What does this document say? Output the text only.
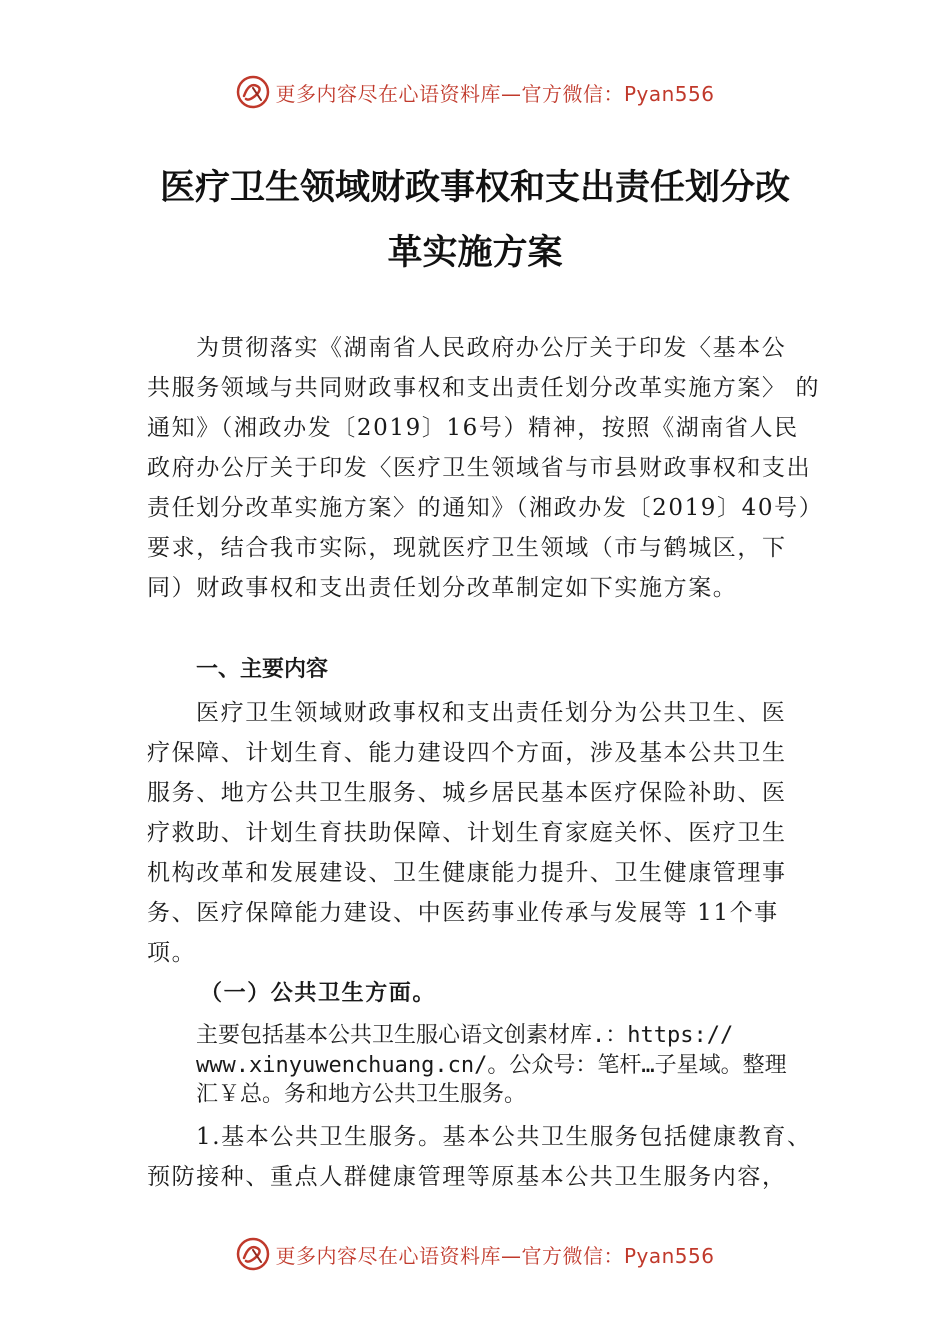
更多内容尽在心语资料库—官方微信：Pyan556
医疗卫生领域财政事权和支出责任划分改
革实施方案
为贯彻落实《湖南省人民政府办公厅关于印发〈基本公
共服务领域与共同财政事权和支出责任划分改革实施方案〉 的
通知》（湘政办发〔2019〕16号）精神，按照《湖南省人民
政府办公厅关于印发〈医疗卫生领域省与市县财政事权和支出
责任划分改革实施方案〉的通知》（湘政办发〔2019〕40号）
要求，结合我市实际，现就医疗卫生领域（市与鹤城区，下
同）财政事权和支出责任划分改革制定如下实施方案。
一、主要内容
医疗卫生领域财政事权和支出责任划分为公共卫生、医
疗保障、计划生育、能力建设四个方面，涉及基本公共卫生
服务、地方公共卫生服务、城乡居民基本医疗保险补助、医
疗救助、计划生育扶助保障、计划生育家庭关怀、医疗卫生
机构改革和发展建设、卫生健康能力提升、卫生健康管理事
务、医疗保障能力建设、中医药事业传承与发展等 11个事
项。
（一）公共卫生方面。
主要包括基本公共卫生服心语文创素材库.：https://
www.xinyuwenchuang.cn/。公众号：笔杆…子星域。整理
汇￥总。务和地方公共卫生服务。
1.基本公共卫生服务。基本公共卫生服务包括健康教育、
预防接种、重点人群健康管理等原基本公共卫生服务内容，
更多内容尽在心语资料库—官方微信：Pyan556
